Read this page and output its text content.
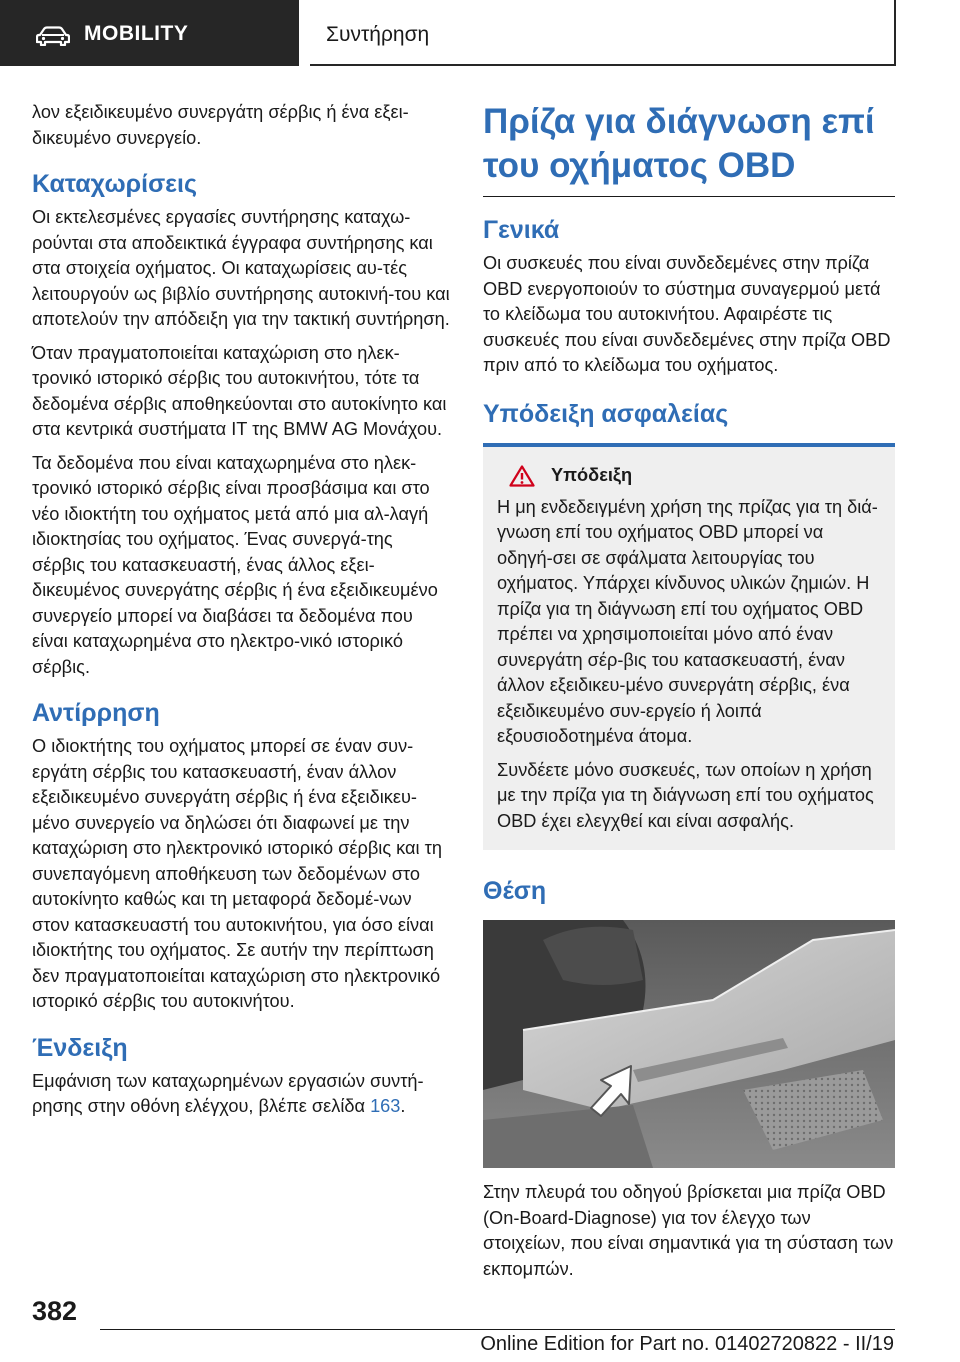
MOBILITY	Συντήρηση

λον εξειδικευμένο συνεργάτη σέρβις ή ένα εξει-δικευμένο συνεργείο.

Καταχωρίσεις

Οι εκτελεσμένες εργασίες συντήρησης καταχω-ρούνται στα αποδεικτικά έγγραφα συντήρησης και στα στοιχεία οχήματος. Οι καταχωρίσεις αυ-τές λειτουργούν ως βιβλίο συντήρησης αυτοκινή-του και αποτελούν την απόδειξη για την τακτική συντήρηση.

Όταν πραγματοποιείται καταχώριση στο ηλεκ-τρονικό ιστορικό σέρβις του αυτοκινήτου, τότε τα δεδομένα σέρβις αποθηκεύονται στο αυτοκίνητο και στα κεντρικά συστήματα IT της BMW AG Μονάχου.

Τα δεδομένα που είναι καταχωρημένα στο ηλεκ-τρονικό ιστορικό σέρβις είναι προσβάσιμα και στο νέο ιδιοκτήτη του οχήματος μετά από μια αλ-λαγή ιδιοκτησίας του οχήματος. Ένας συνεργά-της σέρβις του κατασκευαστή, ένας άλλος εξει-δικευμένος συνεργάτης σέρβις ή ένα εξειδικευμένο συνεργείο μπορεί να διαβάσει τα δεδομένα που είναι καταχωρημένα στο ηλεκτρο-νικό ιστορικό σέρβις.

Αντίρρηση

Ο ιδιοκτήτης του οχήματος μπορεί σε έναν συν-εργάτη σέρβις του κατασκευαστή, έναν άλλον εξειδικευμένο συνεργάτη σέρβις ή ένα εξειδικευ-μένο συνεργείο να δηλώσει ότι διαφωνεί με την καταχώριση στο ηλεκτρονικό ιστορικό σέρβις και τη συνεπαγόμενη αποθήκευση των δεδομένων στο αυτοκίνητο καθώς και τη μεταφορά δεδομέ-νων στον κατασκευαστή του αυτοκινήτου, για όσο είναι ιδιοκτήτης του οχήματος. Σε αυτήν την περίπτωση δεν πραγματοποιείται καταχώριση στο ηλεκτρονικό ιστορικό σέρβις του αυτοκινήτου.

Ένδειξη

Εμφάνιση των καταχωρημένων εργασιών συντή-ρησης στην οθόνη ελέγχου, βλέπε σελίδα 163.

Πρίζα για διάγνωση επί του οχήματος OBD
Γενικά

Οι συσκευές που είναι συνδεδεμένες στην πρίζα OBD ενεργοποιούν το σύστημα συναγερμού μετά το κλείδωμα του αυτοκινήτου. Αφαιρέστε τις συσκευές που είναι συνδεδεμένες στην πρίζα OBD πριν από το κλείδωμα του οχήματος.

Υπόδειξη ασφαλείας
Υπόδειξη

Η μη ενδεδειγμένη χρήση της πρίζας για τη διά-γνωση επί του οχήματος OBD μπορεί να οδηγή-σει σε σφάλματα λειτουργίας του οχήματος. Υπάρχει κίνδυνος υλικών ζημιών. Η πρίζα για τη διάγνωση επί του οχήματος OBD πρέπει να χρησιμοποιείται μόνο από έναν συνεργάτη σέρ-βις του κατασκευαστή, έναν άλλον εξειδικευ-μένο συνεργάτη σέρβις, ένα εξειδικευμένο συν-εργείο ή λοιπά εξουσιοδοτημένα άτομα.

Συνδέετε μόνο συσκευές, των οποίων η χρήση με την πρίζα για τη διάγνωση επί του οχήματος OBD έχει ελεγχθεί και είναι ασφαλής.

Θέση

Στην πλευρά του οδηγού βρίσκεται μια πρίζα OBD (On-Board-Diagnose) για τον έλεγχο των στοιχείων, που είναι σημαντικά για τη σύσταση των εκπομπών.

382
Online Edition for Part no. 01402720822 - II/19
